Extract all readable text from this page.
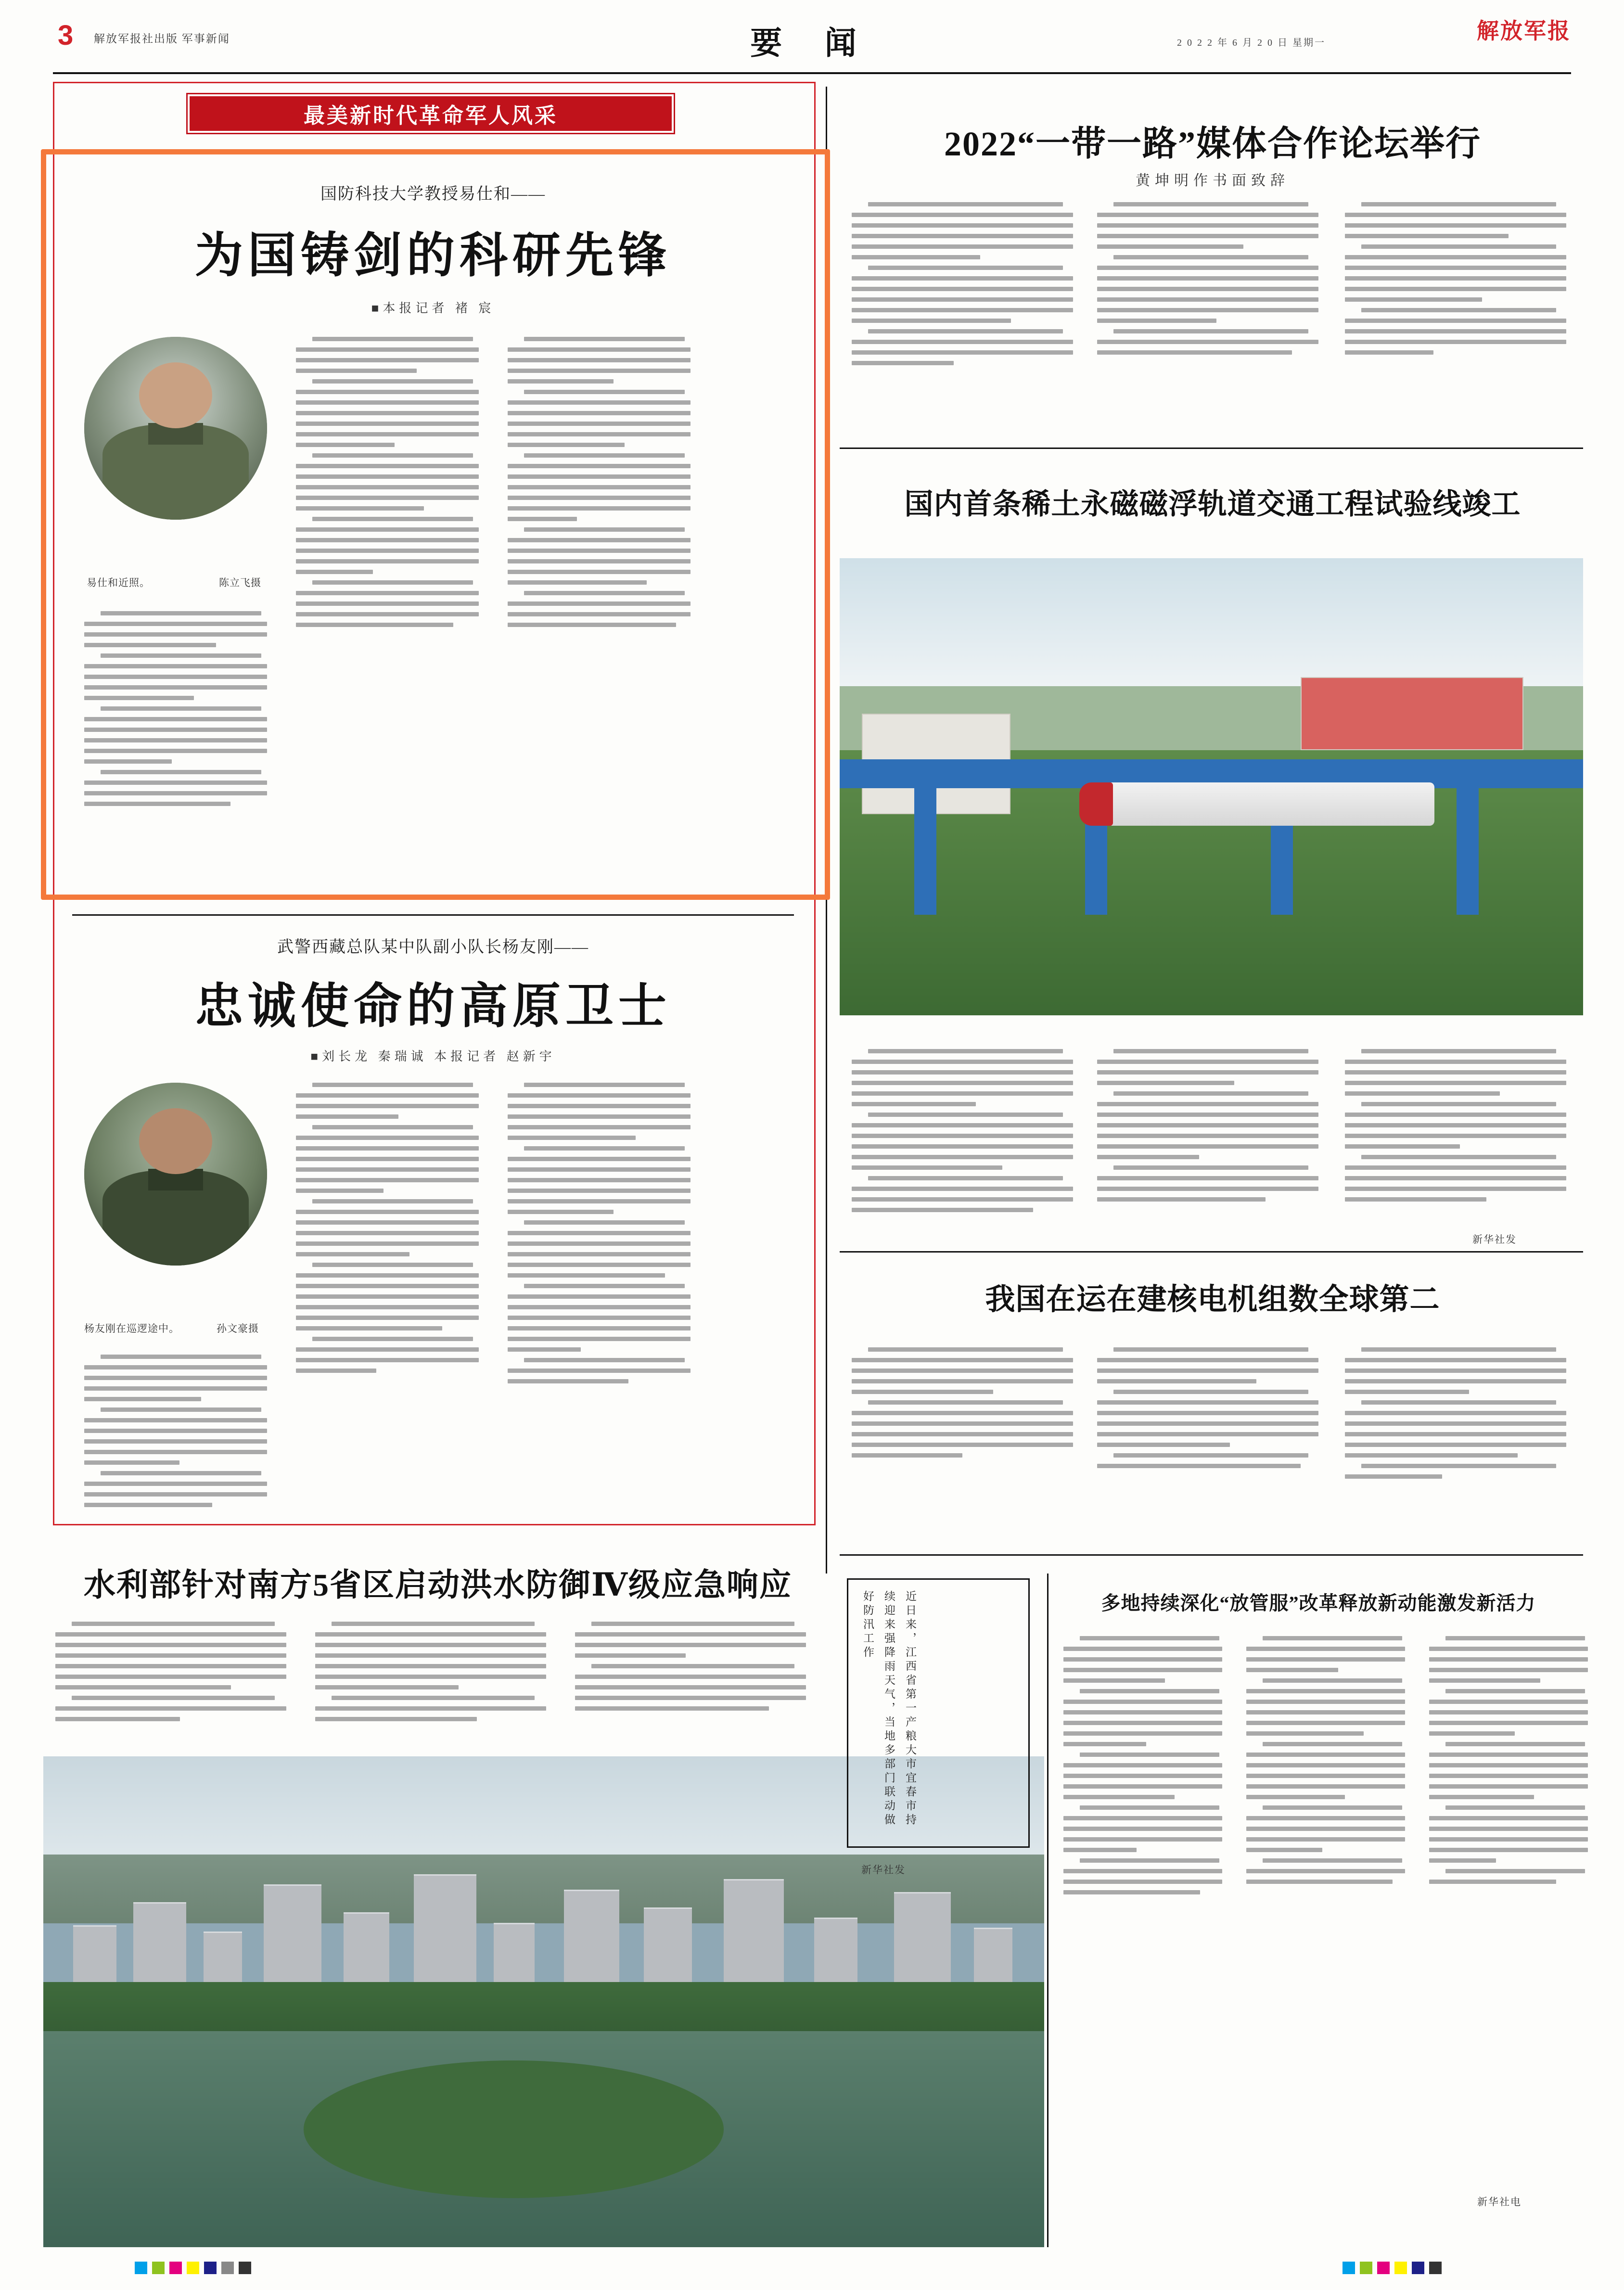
3 解放军报社出版 军事新闻	要 闻	2 0 2 2 年 6 月 2 0 日 星期一	解放军报
最美新时代革命军人风采
国防科技大学教授易仕和——
为国铸剑的科研先锋
■本报记者 褚 宸
易仕和近照。	陈立飞摄
武警西藏总队某中队副小队长杨友刚——
忠诚使命的高原卫士
■刘长龙 秦瑞诚 本报记者 赵新宇
杨友刚在巡逻途中。	孙文豪摄
水利部针对南方5省区启动洪水防御Ⅳ级应急响应
2022“一带一路”媒体合作论坛举行
黄坤明作书面致辞
国内首条稀土永磁磁浮轨道交通工程试验线竣工
新华社发
我国在运在建核电机组数全球第二
近日来，江西省第一产粮大市宜春市持续迎来强降雨天气，当地多部门联动做好防汛工作
新华社发
多地持续深化“放管服”改革释放新动能激发新活力
新华社电
